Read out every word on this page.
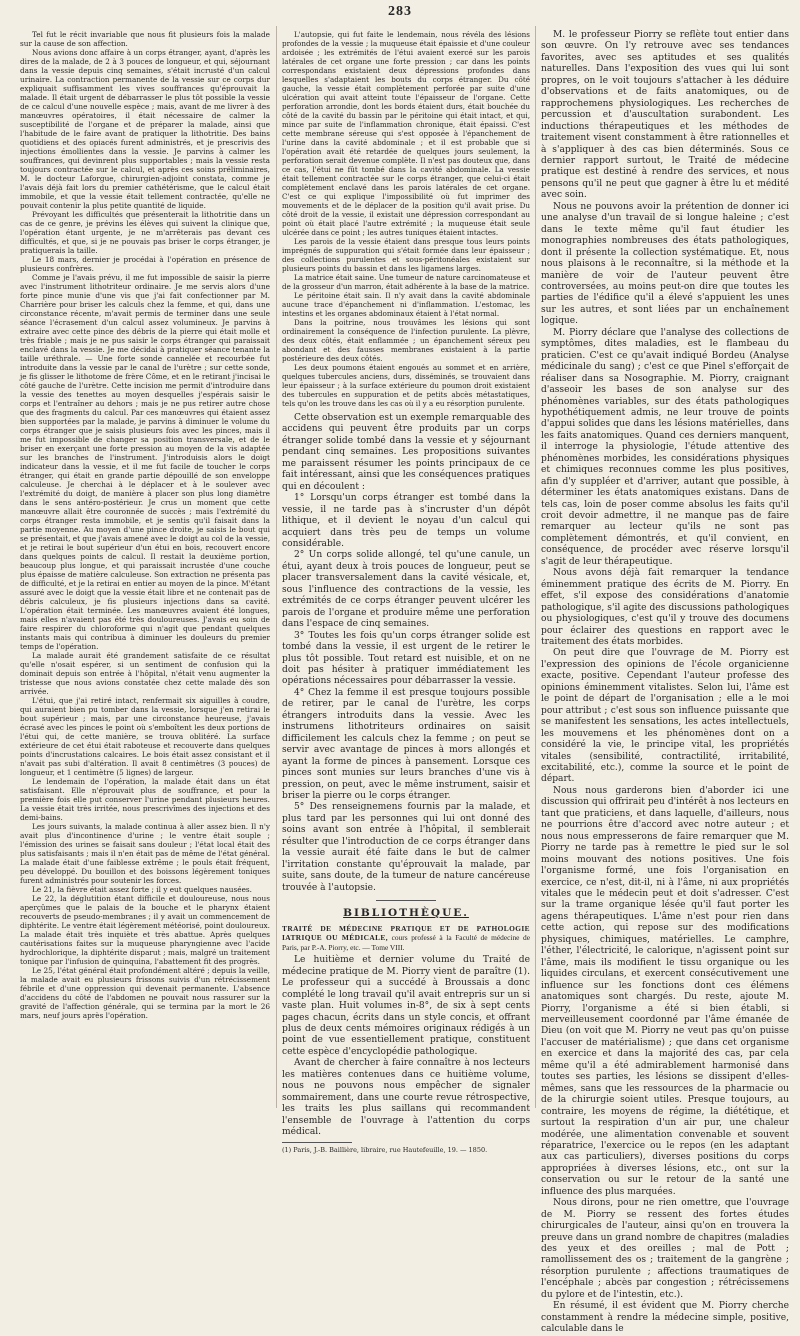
283

Tel fut le récit invariable que nous fit plusieurs fois la malade sur la cause de son affection.

Nous avions donc affaire à un corps étranger, ayant, d'après les dires de la malade, de 2 à 3 pouces de longueur, et qui, séjournant dans la vessie depuis cinq semaines, s'était incrusté d'un calcul urinaire. La contraction permanente de la vessie sur ce corps dur expliquait suffisamment les vives souffrances qu'éprouvait la malade. Il était urgent de débarrasser le plus tôt possible la vessie de ce calcul d'une nouvelle espèce ; mais, avant de me livrer à des manœuvres opératoires, il était nécessaire de calmer la susceptibilité de l'organe et de préparer la malade, ainsi que l'habitude de le faire avant de pratiquer la lithotritie. Des bains quotidiens et des opiacés furent administrés, et je prescrivis des injections émollientes dans la vessie. Je parvins à calmer les souffrances, qui devinrent plus supportables ; mais la vessie resta toujours contractée sur le calcul, et après ces soins préliminaires, M. le docteur Laforgue, chirurgien-adjoint constata, comme je l'avais déjà fait lors du premier cathétérisme, que le calcul était immobile, et que la vessie était tellement contractée, qu'elle ne pouvait contenir la plus petite quantité de liquide.

Prévoyant les difficultés que présenterait la lithotritie dans un cas de ce genre, je prévins les élèves qui suivent la clinique que, l'opération étant urgente, je ne m'arrêterais pas devant ces difficultés, et que, si je ne pouvais pas briser le corps étranger, je pratiquerais la taille.

Le 18 mars, dernier je procédai à l'opération en présence de plusieurs confrères.

Comme je l'avais prévu, il me fut impossible de saisir la pierre avec l'instrument lithotriteur ordinaire. Je me servis alors d'une forte pince munie d'une vis que j'ai fait confectionner par M. Charrière pour briser les calculs chez la femme, et qui, dans une circonstance récente, m'avait permis de terminer dans une seule séance l'écrasement d'un calcul assez volumineux. Je parvins à extraire avec cette pince des débris de la pierre qui était molle et très friable ; mais je ne pus saisir le corps étranger qui paraissait enclavé dans la vessie. Je me décidai à pratiquer séance tenante la taille uréthrale. — Une forte sonde cannelée et recourbée fut introduite dans la vessie par le canal de l'urètre ; sur cette sonde, je fis glisser le lithotome de frère Côme, et en le retirant j'incisai le côté gauche de l'urètre. Cette incision me permit d'introduire dans la vessie des tenettes au moyen desquelles j'espérais saisir le corps et l'entraîner au dehors ; mais je ne pus retirer autre chose que des fragments du calcul. Par ces manœuvres qui étaient assez bien supportées par la malade, je parvins à diminuer le volume du corps étranger que je saisis plusieurs fois avec les pinces, mais il me fut impossible de changer sa position transversale, et de le briser en exerçant une forte pression au moyen de la vis adaptée sur les branches de l'instrument. J'introduisis alors le doigt indicateur dans la vessie, et il me fut facile de toucher le corps étranger, qui était en grande partie dépouillé de son enveloppe calculeuse. Je cherchai à le déplacer et à le soulever avec l'extrémité du doigt, de manière à placer son plus long diamètre dans le sens antéro-postérieur. Je crus un moment que cette manœuvre allait être couronnée de succès ; mais l'extrémité du corps étranger resta immobile, et je sentis qu'il faisait dans la partie moyenne. Au moyen d'une pince droite, je saisis le bout qui se présentait, et que j'avais amené avec le doigt au col de la vessie, et je retirai le bout supérieur d'un étui en bois, recouvert encore dans quelques points de calcul. Il restait la deuxième portion, beaucoup plus longue, et qui paraissait incrustée d'une couche plus épaisse de matière calculeuse. Son extraction ne présenta pas de difficulté, et je la retirai en entier au moyen de la pince. M'étant assuré avec le doigt que la vessie était libre et ne contenait pas de débris calculeux, je fis plusieurs injections dans sa cavité. L'opération était terminée. Les manœuvres avaient été longues, mais elles n'avaient pas été très douloureuses. J'avais eu soin de faire respirer du chloroforme qui n'agit que pendant quelques instants mais qui contribua à diminuer les douleurs du premier temps de l'opération.

La malade aurait été grandement satisfaite de ce résultat qu'elle n'osait espérer, si un sentiment de confusion qui la dominait depuis son entrée à l'hôpital, n'était venu augmenter la tristesse que nous avions constatée chez cette malade dès son arrivée.

L'étui, que j'ai retiré intact, renfermait six aiguilles à coudre, qui auraient bien pu tomber dans la vessie, lorsque j'en retirai le bout supérieur ; mais, par une circonstance heureuse, j'avais écrasé avec les pinces le point où s'emboîtent les deux portions de l'étui qui, de cette manière, se trouva oblitéré. La surface extérieure de cet étui était raboteuse et recouverte dans quelques points d'incrustations calcaires. Le bois était assez consistant et il n'avait pas subi d'altération. Il avait 8 centimètres (3 pouces) de longueur, et 1 centimètre (5 lignes) de largeur.

Le lendemain de l'opération, la malade était dans un état satisfaisant. Elle n'éprouvait plus de souffrance, et pour la première fois elle put conserver l'urine pendant plusieurs heures. La vessie était très irritée, nous prescrivîmes des injections et des demi-bains.

Les jours suivants, la malade continua à aller assez bien. Il n'y avait plus d'incontinence d'urine ; le ventre était souple ; l'émission des urines se faisait sans douleur ; l'état local était des plus satisfaisants ; mais il n'en était pas de même de l'état général. La malade était d'une faiblesse extrême ; le pouls était fréquent, peu développé. Du bouillon et des boissons légèrement toniques furent administrés pour soutenir les forces.

Le 21, la fièvre était assez forte ; il y eut quelques nausées.

Le 22, la déglutition étant difficile et douloureuse, nous nous aperçûmes que le palais de la bouche et le pharynx étaient recouverts de pseudo-membranes ; il y avait un commencement de diphtérite. Le ventre était légèrement météorisé, point douloureux. La malade était très inquiète et très abattue. Après quelques cautérisations faites sur la muqueuse pharyngienne avec l'acide hydrochlorique, la diphtérite disparut ; mais, malgré un traitement tonique par l'infusion de quinquina, l'abattement fit des progrès.

Le 25, l'état général était profondément altéré ; depuis la veille, la malade avait eu plusieurs frissons suivis d'un rétrécissement fébrile et d'une oppression qui devenait permanente. L'absence d'accidens du côté de l'abdomen ne pouvait nous rassurer sur la gravité de l'affection générale, qui se termina par la mort le 26 mars, neuf jours après l'opération.

L'autopsie, qui fut faite le lendemain, nous révéla des lésions profondes de la vessie ; la muqueuse était épaissie et d'une couleur ardoisée ; les extrémités de l'étui avaient exercé sur les parois latérales de cet organe une forte pression ; car dans les points correspondans existaient deux dépressions profondes dans lesquelles s'adaptaient les bouts du corps étranger. Du côté gauche, la vessie était complètement perforée par suite d'une ulcération qui avait atteint toute l'épaisseur de l'organe. Cette perforation arrondie, dont les bords étaient durs, était bouchée du côté de la cavité du bassin par le péritoine qui était intact, et qui, mince par suite de l'inflammation chronique, était épaissi. C'est cette membrane séreuse qui s'est opposée à l'épanchement de l'urine dans la cavité abdominale ; et il est probable que si l'opération avait été retardée de quelques jours seulement, la perforation serait devenue complète. Il n'est pas douteux que, dans ce cas, l'étui ne fût tombé dans la cavité abdominale. La vessie était tellement contractée sur le corps étranger, que celui-ci était complètement enclavé dans les parois latérales de cet organe. C'est ce qui explique l'impossibilité où fut imprimer des mouvements et de le déplacer de la position qu'il avait prise. Du côté droit de la vessie, il existait une dépression correspondant au point où était placé l'autre extrémité ; la muqueuse était seule ulcérée dans ce point ; les autres tuniques étaient intactes.

Les parois de la vessie étaient dans presque tous leurs points imprégnés de suppuration qui s'était formée dans leur épaisseur ; des collections purulentes et sous-péritonéales existaient sur plusieurs points du bassin et dans les ligamens larges.

La matrice était saine. Une tumeur de nature carcinomateuse et de la grosseur d'un marron, était adhérente à la base de la matrice.

Le péritoine était sain. Il n'y avait dans la cavité abdominale aucune trace d'épanchement ni d'inflammation. L'estomac, les intestins et les organes abdominaux étaient à l'état normal.

Dans la poitrine, nous trouvâmes les lésions qui sont ordinairement la conséquence de l'infection purulente. La plèvre, des deux côtés, était enflammée ; un épanchement séreux peu abondant et des fausses membranes existaient à la partie postérieure des deux côtés.

Les deux poumons étaient engoués au sommet et en arrière, quelques tubercules anciens, durs, disséminés, se trouvaient dans leur épaisseur ; à la surface extérieure du poumon droit existaient des tubercules en suppuration et de petits abcès métastatiques, tels qu'on les trouve dans les cas où il y a eu résorption purulente.

Cette observation est un exemple remarquable des accidens qui peuvent être produits par un corps étranger solide tombé dans la vessie et y séjournant pendant cinq semaines. Les propositions suivantes me paraissent résumer les points principaux de ce fait intéressant, ainsi que les conséquences pratiques qui en découlent :

1° Lorsqu'un corps étranger est tombé dans la vessie, il ne tarde pas à s'incruster d'un dépôt lithique, et il devient le noyau d'un calcul qui acquiert dans très peu de temps un volume considérable.

2° Un corps solide allongé, tel qu'une canule, un étui, ayant deux à trois pouces de longueur, peut se placer transversalement dans la cavité vésicale, et, sous l'influence des contractions de la vessie, les extrémités de ce corps étranger peuvent ulcérer les parois de l'organe et produire même une perforation dans l'espace de cinq semaines.

3° Toutes les fois qu'un corps étranger solide est tombé dans la vessie, il est urgent de le retirer le plus tôt possible. Tout retard est nuisible, et on ne doit pas hésiter à pratiquer immédiatement les opérations nécessaires pour débarrasser la vessie.

4° Chez la femme il est presque toujours possible de retirer, par le canal de l'urètre, les corps étrangers introduits dans la vessie. Avec les instrumens lithotriteurs ordinaires on saisit difficilement les calculs chez la femme ; on peut se servir avec avantage de pinces à mors allongés et ayant la forme de pinces à pansement. Lorsque ces pinces sont munies sur leurs branches d'une vis à pression, on peut, avec le même instrument, saisir et briser la pierre ou le corps étranger.

5° Des renseignemens fournis par la malade, et plus tard par les personnes qui lui ont donné des soins avant son entrée à l'hôpital, il semblerait résulter que l'introduction de ce corps étranger dans la vessie aurait été faite dans le but de calmer l'irritation constante qu'éprouvait la malade, par suite, sans doute, de la tumeur de nature cancéreuse trouvée à l'autopsie.

BIBLIOTHÈQUE.

TRAITÉ DE MÉDECINE PRATIQUE ET DE PATHOLOGIE IATRIQUE OU MÉDICALE, cours professé à la Faculté de médecine de Paris, par P.-A. Piorry, etc. — Tome VIII.

Le huitième et dernier volume du Traité de médecine pratique de M. Piorry vient de paraître (1). Le professeur qui a succédé à Broussais a donc complété le long travail qu'il avait entrepris sur un si vaste plan. Huit volumes in-8°, de six à sept cents pages chacun, écrits dans un style concis, et offrant plus de deux cents mémoires originaux rédigés à un point de vue essentiellement pratique, constituent cette espèce d'encyclopédie pathologique.

Avant de chercher à faire connaître à nos lecteurs les matières contenues dans ce huitième volume, nous ne pouvons nous empêcher de signaler sommairement, dans une courte revue rétrospective, les traits les plus saillans qui recommandent l'ensemble de l'ouvrage à l'attention du corps médical.

(1) Paris, J.-B. Baillière, libraire, rue Hautefeuille, 19. — 1850.

M. le professeur Piorry se reflète tout entier dans son œuvre. On l'y retrouve avec ses tendances favorites, avec ses aptitudes et ses qualités naturelles. Dans l'exposition des vues qui lui sont propres, on le voit toujours s'attacher à les déduire d'observations et de faits anatomiques, ou de rapprochemens physiologiques. Les recherches de percussion et d'auscultation surabondent. Les inductions thérapeutiques et les méthodes de traitement visent constamment à être rationnelles et à s'appliquer à des cas bien déterminés. Sous ce dernier rapport surtout, le Traité de médecine pratique est destiné à rendre des services, et nous pensons qu'il ne peut que gagner à être lu et médité avec soin.

Nous ne pouvons avoir la prétention de donner ici une analyse d'un travail de si longue haleine ; c'est dans le texte même qu'il faut étudier les monographies nombreuses des états pathologiques, dont il présente la collection systématique. Et, nous nous plaisons à le reconnaître, si la méthode et la manière de voir de l'auteur peuvent être controversées, au moins peut-on dire que toutes les parties de l'édifice qu'il a élevé s'appuient les unes sur les autres, et sont liées par un enchaînement logique.

M. Piorry déclare que l'analyse des collections de symptômes, dites maladies, est le flambeau du praticien. C'est ce qu'avait indiqué Bordeu (Analyse médicinale du sang) ; c'est ce que Pinel s'efforçait de réaliser dans sa Nosographie. M. Piorry, craignant d'asseoir les bases de son analyse sur des phénomènes variables, sur des états pathologiques hypothétiquement admis, ne leur trouve de points d'appui solides que dans les lésions matérielles, dans les faits anatomiques. Quand ces derniers manquent, il interroge la physiologie, l'étude attentive des phénomènes morbides, les considérations physiques et chimiques reconnues comme les plus positives, afin d'y suppléer et d'arriver, autant que possible, à déterminer les états anatomiques existans. Dans de tels cas, loin de poser comme absolus les faits qu'il croit devoir admettre, il ne manque pas de faire remarquer au lecteur qu'ils ne sont pas complètement démontrés, et qu'il convient, en conséquence, de procéder avec réserve lorsqu'il s'agit de leur thérapeutique.

Nous avons déjà fait remarquer la tendance éminemment pratique des écrits de M. Piorry. En effet, s'il expose des considérations d'anatomie pathologique, s'il agite des discussions pathologiques ou physiologiques, c'est qu'il y trouve des documens pour éclairer des questions en rapport avec le traitement des états morbides.

On peut dire que l'ouvrage de M. Piorry est l'expression des opinions de l'école organicienne exacte, positive. Cependant l'auteur professe des opinions éminemment vitalistes. Selon lui, l'âme est le point de départ de l'organisation ; elle a le moi pour attribut ; c'est sous son influence puissante que se manifestent les sensations, les actes intellectuels, les mouvemens et les phénomènes dont on a considéré la vie, le principe vital, les propriétés vitales (sensibilité, contractilité, irritabilité, excitabilité, etc.), comme la source et le point de départ.

Nous nous garderons bien d'aborder ici une discussion qui offrirait peu d'intérêt à nos lecteurs en tant que praticiens, et dans laquelle, d'ailleurs, nous ne pourrions être d'accord avec notre auteur ; et nous nous empresserons de faire remarquer que M. Piorry ne tarde pas à remettre le pied sur le sol moins mouvant des notions positives. Une fois l'organisme formé, une fois l'organisation en exercice, ce n'est, dit-il, ni à l'âme, ni aux propriétés vitales que le médecin peut et doit s'adresser. C'est sur la trame organique lésée qu'il faut porter les agens thérapeutiques. L'âme n'est pour rien dans cette action, qui repose sur des modifications physiques, chimiques, matérielles. Le camphre, l'éther, l'électricité, le calorique, n'agissent point sur l'âme, mais ils modifient le tissu organique ou les liquides circulans, et exercent consécutivement une influence sur les fonctions dont ces élémens anatomiques sont chargés. Du reste, ajoute M. Piorry, l'organisme a été si bien établi, si merveilleusement coordonné par l'âme émanée de Dieu (on voit que M. Piorry ne veut pas qu'on puisse l'accuser de matérialisme) ; que dans cet organisme en exercice et dans la majorité des cas, par cela même qu'il a été admirablement harmonisé dans toutes ses parties, les lésions se dissipent d'elles-mêmes, sans que les ressources de la pharmacie ou de la chirurgie soient utiles. Presque toujours, au contraire, les moyens de régime, la diététique, et surtout la respiration d'un air pur, une chaleur modérée, une alimentation convenable et souvent réparatrice, l'exercice ou le repos (en les adaptant aux cas particuliers), diverses positions du corps appropriées à diverses lésions, etc., ont sur la conservation ou sur le retour de la santé une influence des plus marquées.

Nous dirons, pour ne rien omettre, que l'ouvrage de M. Piorry se ressent des fortes études chirurgicales de l'auteur, ainsi qu'on en trouvera la preuve dans un grand nombre de chapitres (maladies des yeux et des oreilles ; mal de Pott ; ramollissement des os ; traitement de la gangrène ; résorption purulente ; affections traumatiques de l'encéphale ; abcès par congestion ; rétrécissemens du pylore et de l'intestin, etc.).

En résumé, il est évident que M. Piorry cherche constamment à rendre la médecine simple, positive, calculable dans le
